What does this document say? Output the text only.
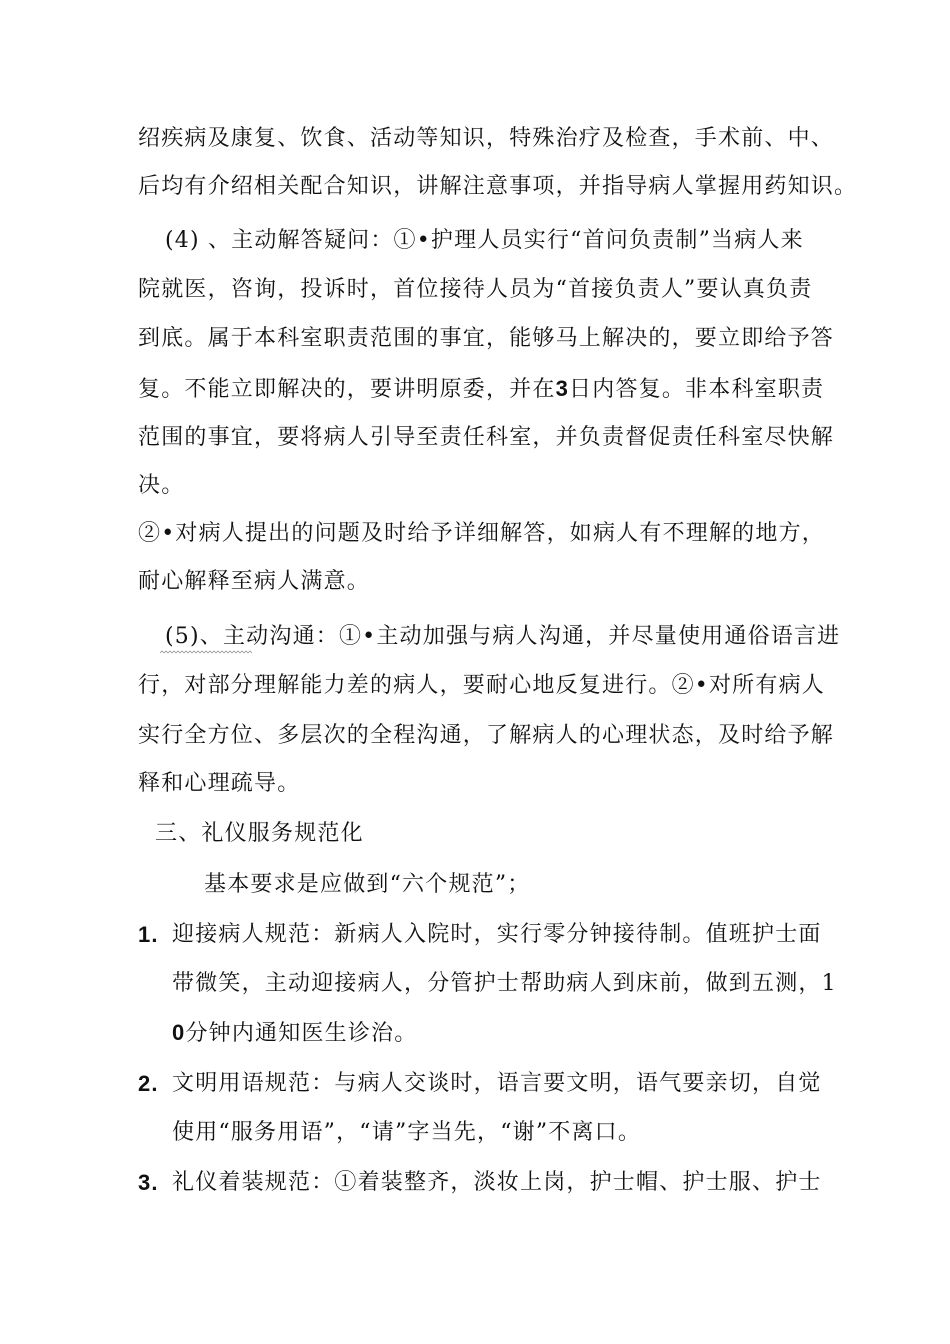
绍疾病及康复、饮食、活动等知识，特殊治疗及检查，手术前、中、
后均有介绍相关配合知识，讲解注意事项，并指导病人掌握用药知识。
(4) 、主动解答疑问：①•护理人员实行“首问负责制”当病人来
院就医，咨询，投诉时，首位接待人员为“首接负责人”要认真负责
到底。属于本科室职责范围的事宜，能够马上解决的，要立即给予答
复。不能立即解决的，要讲明原委，并在3日内答复。非本科室职责
范围的事宜，要将病人引导至责任科室，并负责督促责任科室尽快解
决。
②•对病人提出的问题及时给予详细解答，如病人有不理解的地方，
耐心解释至病人满意。
(5)、主动沟通：①•主动加强与病人沟通，并尽量使用通俗语言进
行，对部分理解能力差的病人，要耐心地反复进行。②•对所有病人
实行全方位、多层次的全程沟通，了解病人的心理状态，及时给予解
释和心理疏导。
三、礼仪服务规范化
基本要求是应做到“六个规范”；
1. 迎接病人规范：新病人入院时，实行零分钟接待制。值班护士面
带微笑，主动迎接病人，分管护士帮助病人到床前，做到五测，1
0分钟内通知医生诊治。
2. 文明用语规范：与病人交谈时，语言要文明，语气要亲切，自觉
使用“服务用语”，“请”字当先，“谢”不离口。
3. 礼仪着装规范：①着装整齐，淡妆上岗，护士帽、护士服、护士
